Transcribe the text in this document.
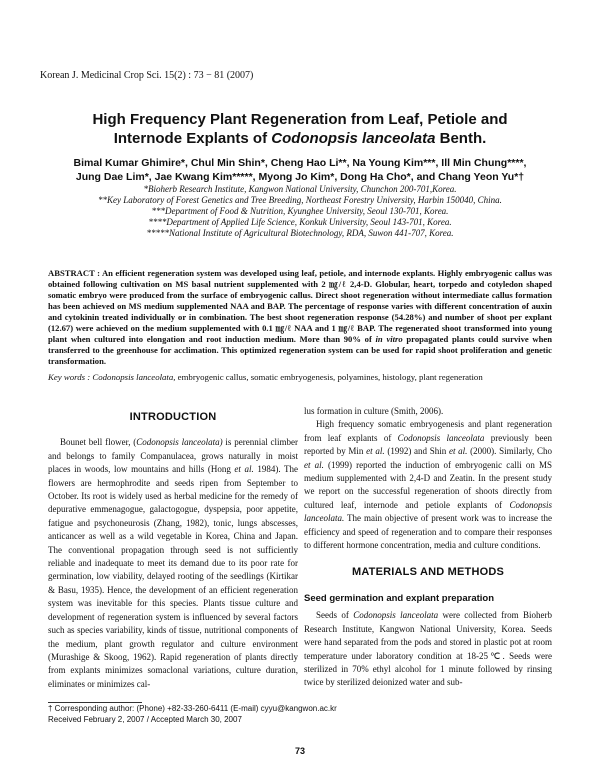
Korean J. Medicinal Crop Sci. 15(2) : 73 − 81 (2007)
High Frequency Plant Regeneration from Leaf, Petiole and
Internode Explants of Codonopsis lanceolata Benth.
Bimal Kumar Ghimire*, Chul Min Shin*, Cheng Hao Li**, Na Young Kim***, Ill Min Chung****,
Jung Dae Lim*, Jae Kwang Kim*****, Myong Jo Kim*, Dong Ha Cho*, and Chang Yeon Yu*†
*Bioherb Research Institute, Kangwon National University, Chunchon 200-701,Korea.
**Key Laboratory of Forest Genetics and Tree Breeding, Northeast Forestry University, Harbin 150040, China.
***Department of Food & Nutrition, Kyunghee University, Seoul 130-701, Korea.
****Department of Applied Life Science, Konkuk University, Seoul 143-701, Korea.
*****National Institute of Agricultural Biotechnology, RDA, Suwon 441-707, Korea.
ABSTRACT : An efficient regeneration system was developed using leaf, petiole, and internode explants. Highly embryogenic callus was obtained following cultivation on MS basal nutrient supplemented with 2 ㎎/ℓ 2,4-D. Globular, heart, torpedo and cotyledon shaped somatic embryo were produced from the surface of embryogenic callus. Direct shoot regeneration without intermediate callus formation has been achieved on MS medium supplemented NAA and BAP. The percentage of response varies with different concentration of auxin and cytokinin treated individually or in combination. The best shoot regeneration response (54.28%) and number of shoot per explant (12.67) were achieved on the medium supplemented with 0.1 ㎎/ℓ NAA and 1 ㎎/ℓ BAP. The regenerated shoot transformed into young plant when cultured into elongation and root induction medium. More than 90% of in vitro propagated plants could survive when transferred to the greenhouse for acclimation. This optimized regeneration system can be used for rapid shoot proliferation and genetic transformation.
Key words : Codonopsis lanceolata, embryogenic callus, somatic embryogenesis, polyamines, histology, plant regeneration
INTRODUCTION

Bounet bell flower, (Codonopsis lanceolata) is perennial climber and belongs to family Companulacea, grows naturally in moist places in woods, low mountains and hills (Hong et al. 1984). The flowers are hermophrodite and seeds ripen from September to October. Its root is widely used as herbal medicine for the remedy of depurative emmenagogue, galactogogue, dyspepsia, poor appetite, fatigue and psychoneurosis (Zhang, 1982), tonic, lungs abscesses, anticancer as well as a wild vegetable in Korea, China and Japan. The conventional propagation through seed is not sufficiently reliable and inadequate to meet its demand due to its poor rate for germination, low viability, delayed rooting of the seedlings (Kirtikar & Basu, 1935). Hence, the development of an efficient regeneration system was inevitable for this species. Plants tissue culture and development of regeneration system is influenced by several factors such as species variability, kinds of tissue, nutritional components of the medium, plant growth regulator and culture environment (Murashige & Skoog, 1962). Rapid regeneration of plants directly from explants minimizes somaclonal variations, culture duration, eliminates or minimizes cal-

lus formation in culture (Smith, 2006).

High frequency somatic embryogenesis and plant regeneration from leaf explants of Codonopsis lanceolata previously been reported by Min et al. (1992) and Shin et al. (2000). Similarly, Cho et al. (1999) reported the induction of embryogenic calli on MS medium supplemented with 2,4-D and Zeatin. In the present study we report on the successful regeneration of shoots directly from cultured leaf, internode and petiole explants of Codonopsis lanceolata. The main objective of present work was to increase the efficiency and speed of regeneration and to compare their responses to different hormone concentration, media and culture conditions.

MATERIALS AND METHODS
Seed germination and explant preparation

Seeds of Codonopsis lanceolata were collected from Bioherb Research Institute, Kangwon National University, Korea. Seeds were hand separated from the pods and stored in plastic pot at room temperature under laboratory condition at 18-25℃. Seeds were sterilized in 70% ethyl alcohol for 1 minute followed by rinsing twice by sterilized deionized water and sub-

† Corresponding author: (Phone) +82-33-260-6411 (E-mail) cyyu@kangwon.ac.kr
Received February 2, 2007 / Accepted March 30, 2007
73
